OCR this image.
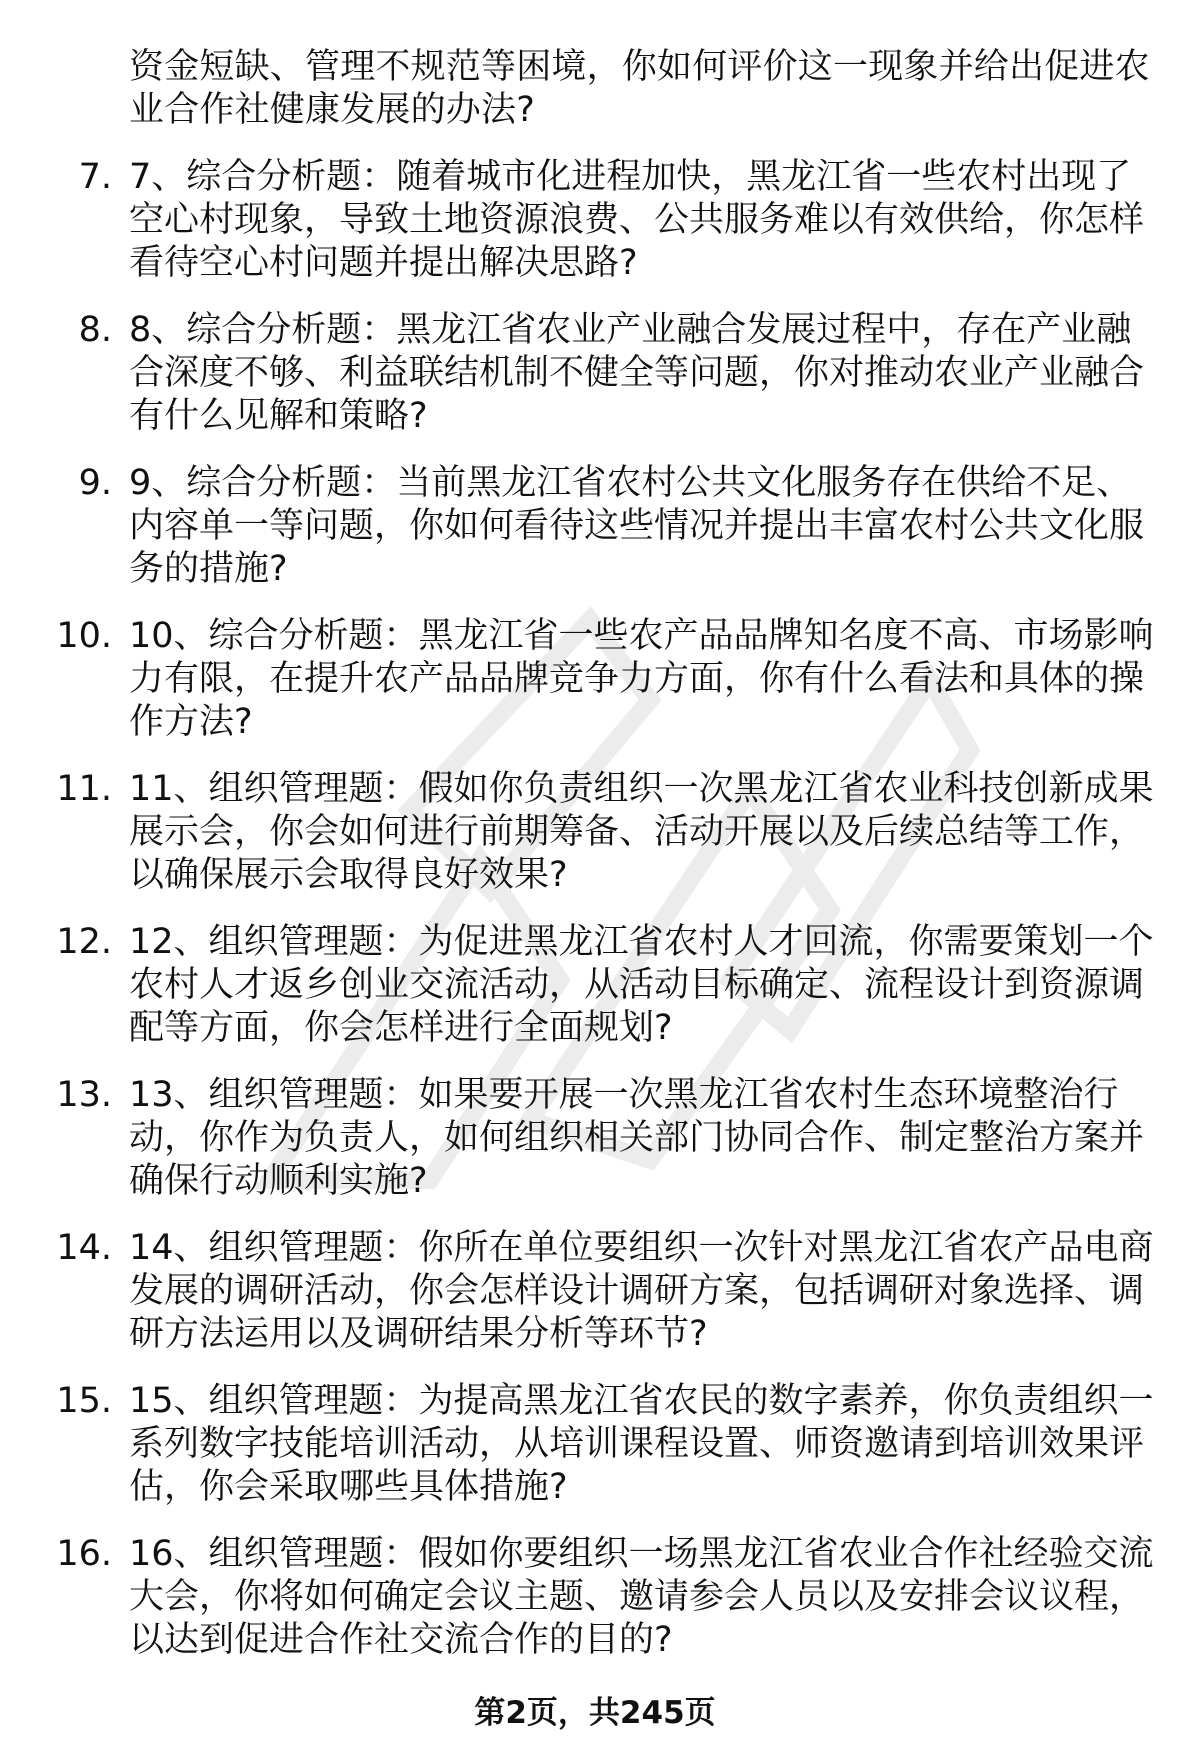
资金短缺、管理不规范等困境，你如何评价这一现象并给出促进农业合作社健康发展的办法?
7. 7、综合分析题：随着城市化进程加快，黑龙江省一些农村出现了空心村现象，导致土地资源浪费、公共服务难以有效供给，你怎样看待空心村问题并提出解决思路?
8. 8、综合分析题：黑龙江省农业产业融合发展过程中，存在产业融合深度不够、利益联结机制不健全等问题，你对推动农业产业融合有什么见解和策略?
9. 9、综合分析题：当前黑龙江省农村公共文化服务存在供给不足、内容单一等问题，你如何看待这些情况并提出丰富农村公共文化服务的措施?
10. 10、综合分析题：黑龙江省一些农产品品牌知名度不高、市场影响力有限，在提升农产品品牌竞争力方面，你有什么看法和具体的操作方法?
11. 11、组织管理题：假如你负责组织一次黑龙江省农业科技创新成果展示会，你会如何进行前期筹备、活动开展以及后续总结等工作，以确保展示会取得良好效果?
12. 12、组织管理题：为促进黑龙江省农村人才回流，你需要策划一个农村人才返乡创业交流活动，从活动目标确定、流程设计到资源调配等方面，你会怎样进行全面规划?
13. 13、组织管理题：如果要开展一次黑龙江省农村生态环境整治行动，你作为负责人，如何组织相关部门协同合作、制定整治方案并确保行动顺利实施?
14. 14、组织管理题：你所在单位要组织一次针对黑龙江省农产品电商发展的调研活动，你会怎样设计调研方案，包括调研对象选择、调研方法运用以及调研结果分析等环节?
15. 15、组织管理题：为提高黑龙江省农民的数字素养，你负责组织一系列数字技能培训活动，从培训课程设置、师资邀请到培训效果评估，你会采取哪些具体措施?
16. 16、组织管理题：假如你要组织一场黑龙江省农业合作社经验交流大会，你将如何确定会议主题、邀请参会人员以及安排会议议程，以达到促进合作社交流合作的目的?
第2页，共245页
